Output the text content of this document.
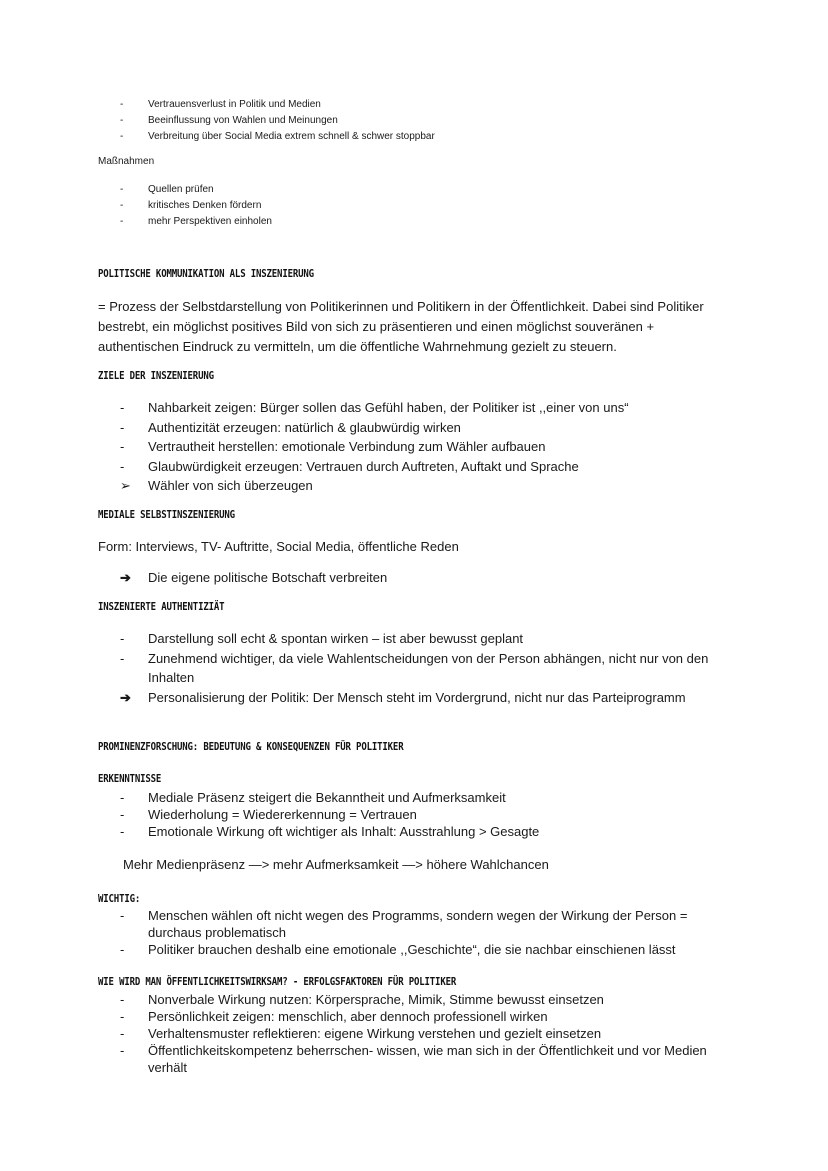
- Vertrauensverlust in Politik und Medien
- Beeinflussung von Wahlen und Meinungen
- Verbreitung über Social Media extrem schnell & schwer stoppbar
Maßnahmen
- Quellen prüfen
- kritisches Denken fördern
- mehr Perspektiven einholen
POLITISCHE KOMMUNIKATION ALS INSZENIERUNG

= Prozess der Selbstdarstellung von Politikerinnen und Politikern in der Öffentlichkeit. Dabei sind Politiker bestrebt, ein möglichst positives Bild von sich zu präsentieren und einen möglichst souveränen + authentischen Eindruck zu vermitteln, um die öffentliche Wahrnehmung gezielt zu steuern.

ZIELE DER INSZENIERUNG
- Nahbarkeit zeigen: Bürger sollen das Gefühl haben, der Politiker ist ,,einer von uns“
- Authentizität erzeugen: natürlich & glaubwürdig wirken
- Vertrautheit herstellen: emotionale Verbindung zum Wähler aufbauen
- Glaubwürdigkeit erzeugen: Vertrauen durch Auftreten, Auftakt und Sprache
➢ Wähler von sich überzeugen
MEDIALE SELBSTINSZENIERUNG
Form: Interviews, TV- Auftritte, Social Media, öffentliche Reden
➔ Die eigene politische Botschaft verbreiten
INSZENIERTE AUTHENTIZIÄT
- Darstellung soll echt & spontan wirken – ist aber bewusst geplant
- Zunehmend wichtiger, da viele Wahlentscheidungen von der Person abhängen, nicht nur von den Inhalten
➔ Personalisierung der Politik: Der Mensch steht im Vordergrund, nicht nur das Parteiprogramm
PROMINENZFORSCHUNG: BEDEUTUNG & KONSEQUENZEN FÜR POLITIKER
ERKENNTNISSE
- Mediale Präsenz steigert die Bekanntheit und Aufmerksamkeit
- Wiederholung = Wiedererkennung = Vertrauen
- Emotionale Wirkung oft wichtiger als Inhalt: Ausstrahlung > Gesagte
Mehr Medienpräsenz —> mehr Aufmerksamkeit —> höhere Wahlchancen
WICHTIG:
- Menschen wählen oft nicht wegen des Programms, sondern wegen der Wirkung der Person = durchaus problematisch
- Politiker brauchen deshalb eine emotionale ,,Geschichte“, die sie nachbar einschienen lässt
WIE WIRD MAN ÖFFENTLICHKEITSWIRKSAM? - ERFOLGSFAKTOREN FÜR POLITIKER
- Nonverbale Wirkung nutzen: Körpersprache, Mimik, Stimme bewusst einsetzen
- Persönlichkeit zeigen: menschlich, aber dennoch professionell wirken
- Verhaltensmuster reflektieren: eigene Wirkung verstehen und gezielt einsetzen
- Öffentlichkeitskompetenz beherrschen- wissen, wie man sich in der Öffentlichkeit und vor Medien verhält
